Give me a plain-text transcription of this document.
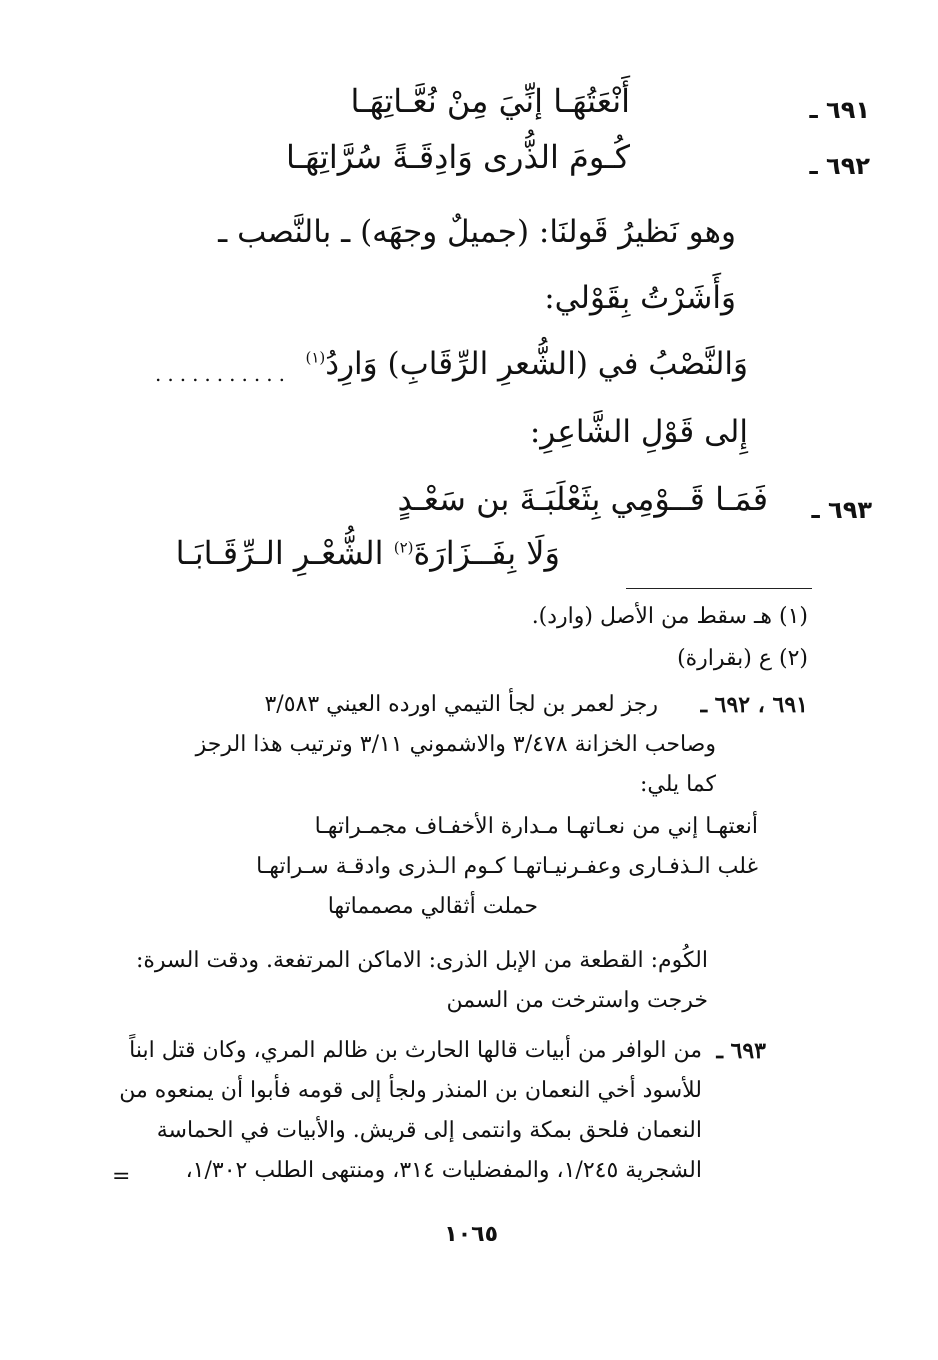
٦٩١ ـ
أَنْعَتُهَـا إنِّيَ مِنْ نُعَّـاتِهَـا
٦٩٢ ـ
كُـومَ الذُّرى وَادِقَـةً سُرَّاتِهَـا
وهو نَظيرُ قَولنَا: (جميلٌ وجهَه) ـ بالنَّصب ـ
وَأَشَرْتُ بِقَوْلي:
وَالنَّصْبُ في (الشُّعرِ الرِّقَابِ) وَارِدُ$^{(١)}$
...........
إِلى قَوْلِ الشَّاعِرِ:
٦٩٣ ـ
فَمَـا قَــوْمِي بِثَعْلَبَـةَ بن سَعْـدٍ
وَلَا بِفَــزَارَةَ$^{(٢)}$ الشُّعْـرِ الـرِّقَـابَـا
(١) هـ سقط من الأصل (وارد).
(٢) ع (بقرارة)
٦٩١ ، ٦٩٢ ـ
رجز لعمر بن لجأ التيمي اورده العيني ٣/٥٨٣
وصاحب الخزانة ٣/٤٧٨ والاشموني ٣/١١ وترتيب هذا الرجز
كما يلي:
أنعتهـا إني من نعـاتهـا مـدارة الأخفـاف مجمـراتهـا
غلب الـذفـارى وعفـرنيـاتهـا كـوم الـذرى وادقـة سـراتهـا
حملت أثقالي مصمماتها
الكُوم: القطعة من الإبل الذرى: الاماكن المرتفعة. ودقت السرة:
خرجت واسترخت من السمن
٦٩٣ ـ
من الوافر من أبيات قالها الحارث بن ظالم المري، وكان قتل ابناً
للأسود أخي النعمان بن المنذر ولجأ إلى قومه فأبوا أن يمنعوه من
النعمان فلحق بمكة وانتمى إلى قريش. والأبيات في الحماسة
الشجرية ١/٢٤٥، والمفضليات ٣١٤، ومنتهى الطلب ١/٣٠٢،
=
١٠٦٥
